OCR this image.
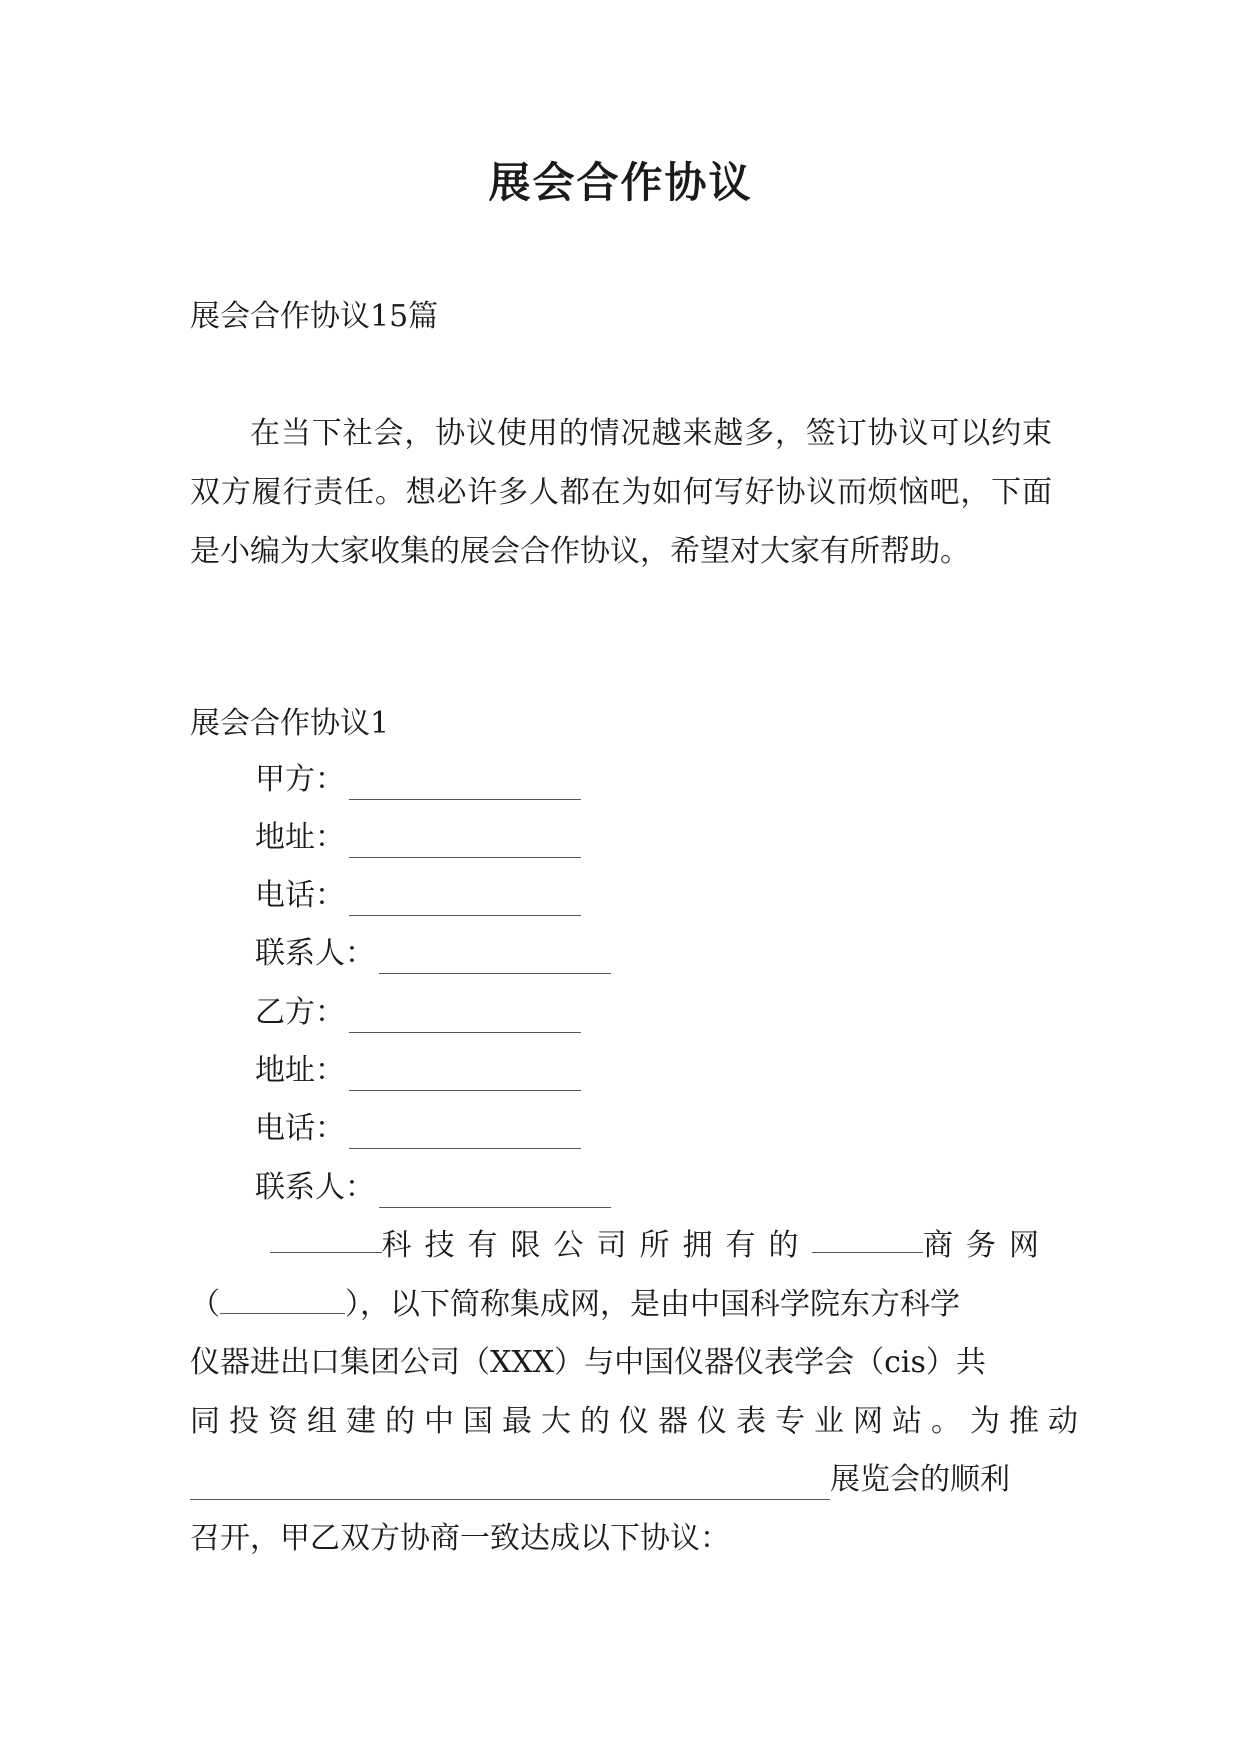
展会合作协议

展会合作协议15篇

在当下社会，协议使用的情况越来越多，签订协议可以约束双方履行责任。想必许多人都在为如何写好协议而烦恼吧，下面是小编为大家收集的展会合作协议，希望对大家有所帮助。

展会合作协议1

甲方：
地址：
电话：
联系人：
乙方：
地址：
电话：
联系人：
科技有限公司所拥有的	商务网
（	），以下简称集成网，是由中国科学院东方科学
仪器进出口集团公司（XXX）与中国仪器仪表学会（cis）共
同投资组建的中国最大的仪器仪表专业网站。为推动
展览会的顺利
召开，甲乙双方协商一致达成以下协议：
